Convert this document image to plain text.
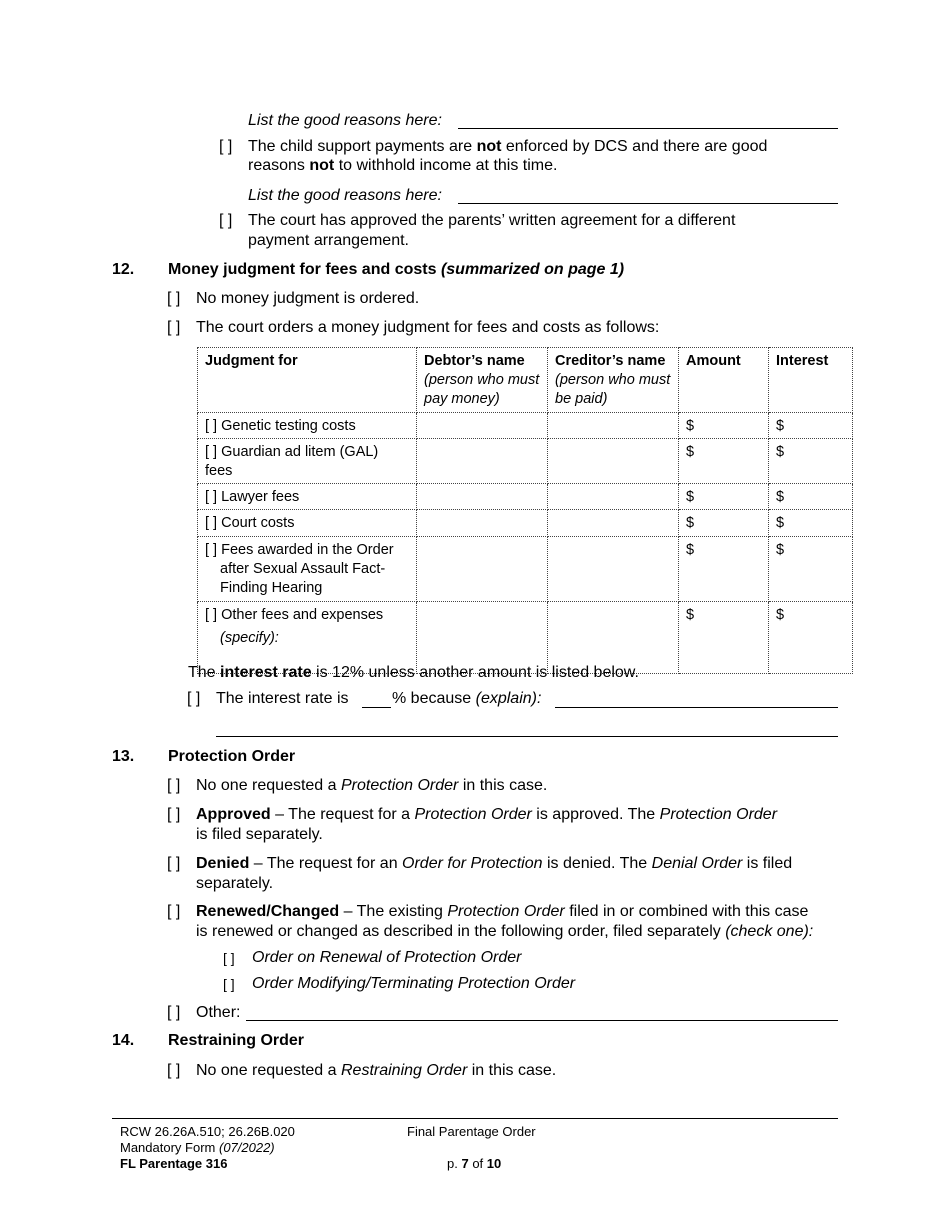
List the good reasons here:
[ ] The child support payments are not enforced by DCS and there are good
reasons not to withhold income at this time.
List the good reasons here:
[ ] The court has approved the parents’ written agreement for a different
payment arrangement.
12. Money judgment for fees and costs (summarized on page 1)
[ ] No money judgment is ordered.
[ ] The court orders a money judgment for fees and costs as follows:
Judgment for	Debtor’s name
(person who must
pay money)	Creditor’s name
(person who must
be paid)	Amount	Interest
[ ] Genetic testing costs			$	$
[ ] Guardian ad litem (GAL) fees			$	$
[ ] Lawyer fees			$	$
[ ] Court costs			$	$
[ ] Fees awarded in the Order
after Sexual Assault Fact-
Finding Hearing			$	$
[ ] Other fees and expenses
(specify):			$	$
The interest rate is 12% unless another amount is listed below.
[ ] The interest rate is	% because (explain):
13. Protection Order
[ ] No one requested a Protection Order in this case.
[ ] Approved – The request for a Protection Order is approved. The Protection Order
is filed separately.
[ ] Denied – The request for an Order for Protection is denied. The Denial Order is filed
separately.
[ ] Renewed/Changed – The existing Protection Order filed in or combined with this case
is renewed or changed as described in the following order, filed separately (check one):
[ ] Order on Renewal of Protection Order
[ ] Order Modifying/Terminating Protection Order
[ ] Other:
14. Restraining Order
[ ] No one requested a Restraining Order in this case.
RCW 26.26A.510; 26.26B.020
Mandatory Form (07/2022)
FL Parentage 316
Final Parentage Order
p. 7 of 10
